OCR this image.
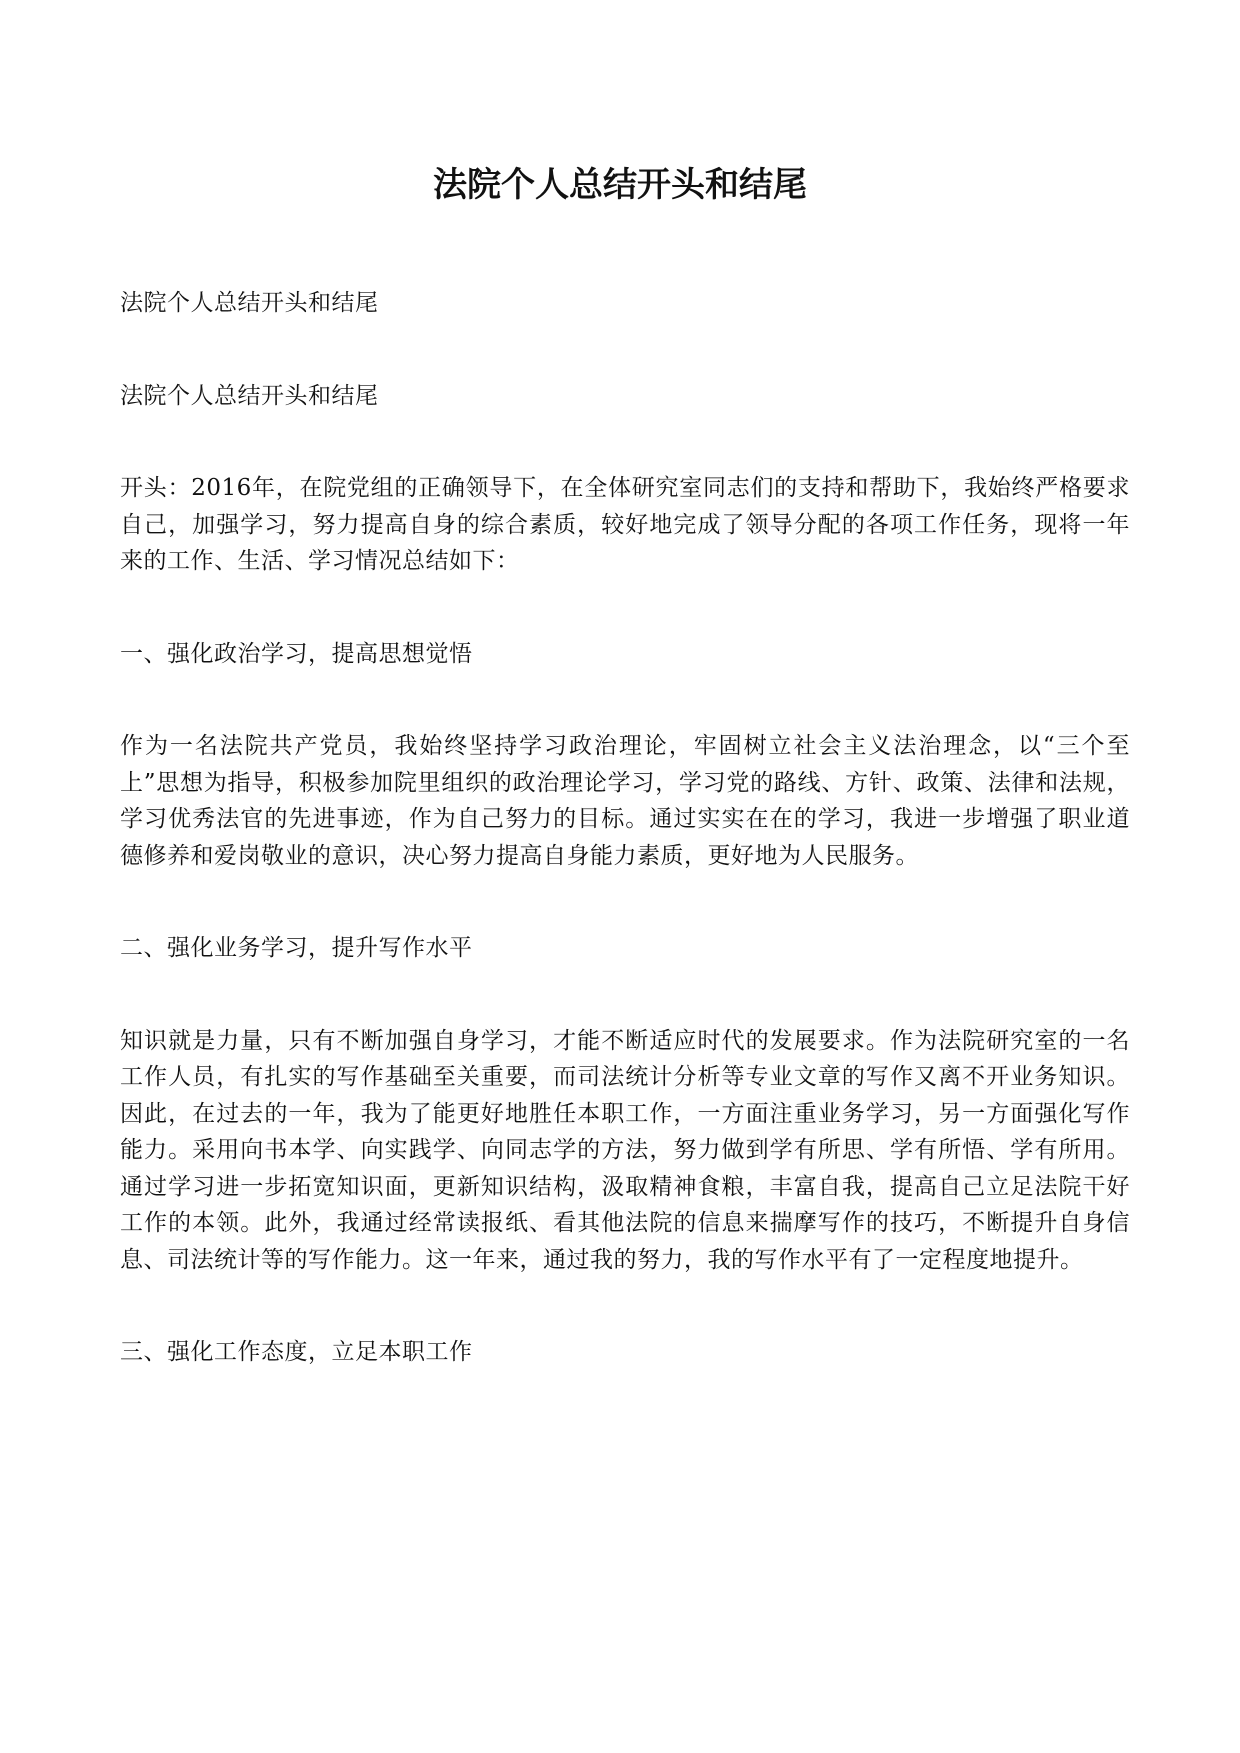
法院个人总结开头和结尾

法院个人总结开头和结尾

法院个人总结开头和结尾

开头：2016年，在院党组的正确领导下，在全体研究室同志们的支持和帮助下，我始终严格要求自己，加强学习，努力提高自身的综合素质，较好地完成了领导分配的各项工作任务，现将一年来的工作、生活、学习情况总结如下：

一、强化政治学习，提高思想觉悟

作为一名法院共产党员，我始终坚持学习政治理论，牢固树立社会主义法治理念，以“三个至上”思想为指导，积极参加院里组织的政治理论学习，学习党的路线、方针、政策、法律和法规，学习优秀法官的先进事迹，作为自己努力的目标。通过实实在在的学习，我进一步增强了职业道德修养和爱岗敬业的意识，决心努力提高自身能力素质，更好地为人民服务。

二、强化业务学习，提升写作水平

知识就是力量，只有不断加强自身学习，才能不断适应时代的发展要求。作为法院研究室的一名工作人员，有扎实的写作基础至关重要，而司法统计分析等专业文章的写作又离不开业务知识。因此，在过去的一年，我为了能更好地胜任本职工作，一方面注重业务学习，另一方面强化写作能力。采用向书本学、向实践学、向同志学的方法，努力做到学有所思、学有所悟、学有所用。通过学习进一步拓宽知识面，更新知识结构，汲取精神食粮，丰富自我，提高自己立足法院干好工作的本领。此外，我通过经常读报纸、看其他法院的信息来揣摩写作的技巧，不断提升自身信息、司法统计等的写作能力。这一年来，通过我的努力，我的写作水平有了一定程度地提升。

三、强化工作态度，立足本职工作
